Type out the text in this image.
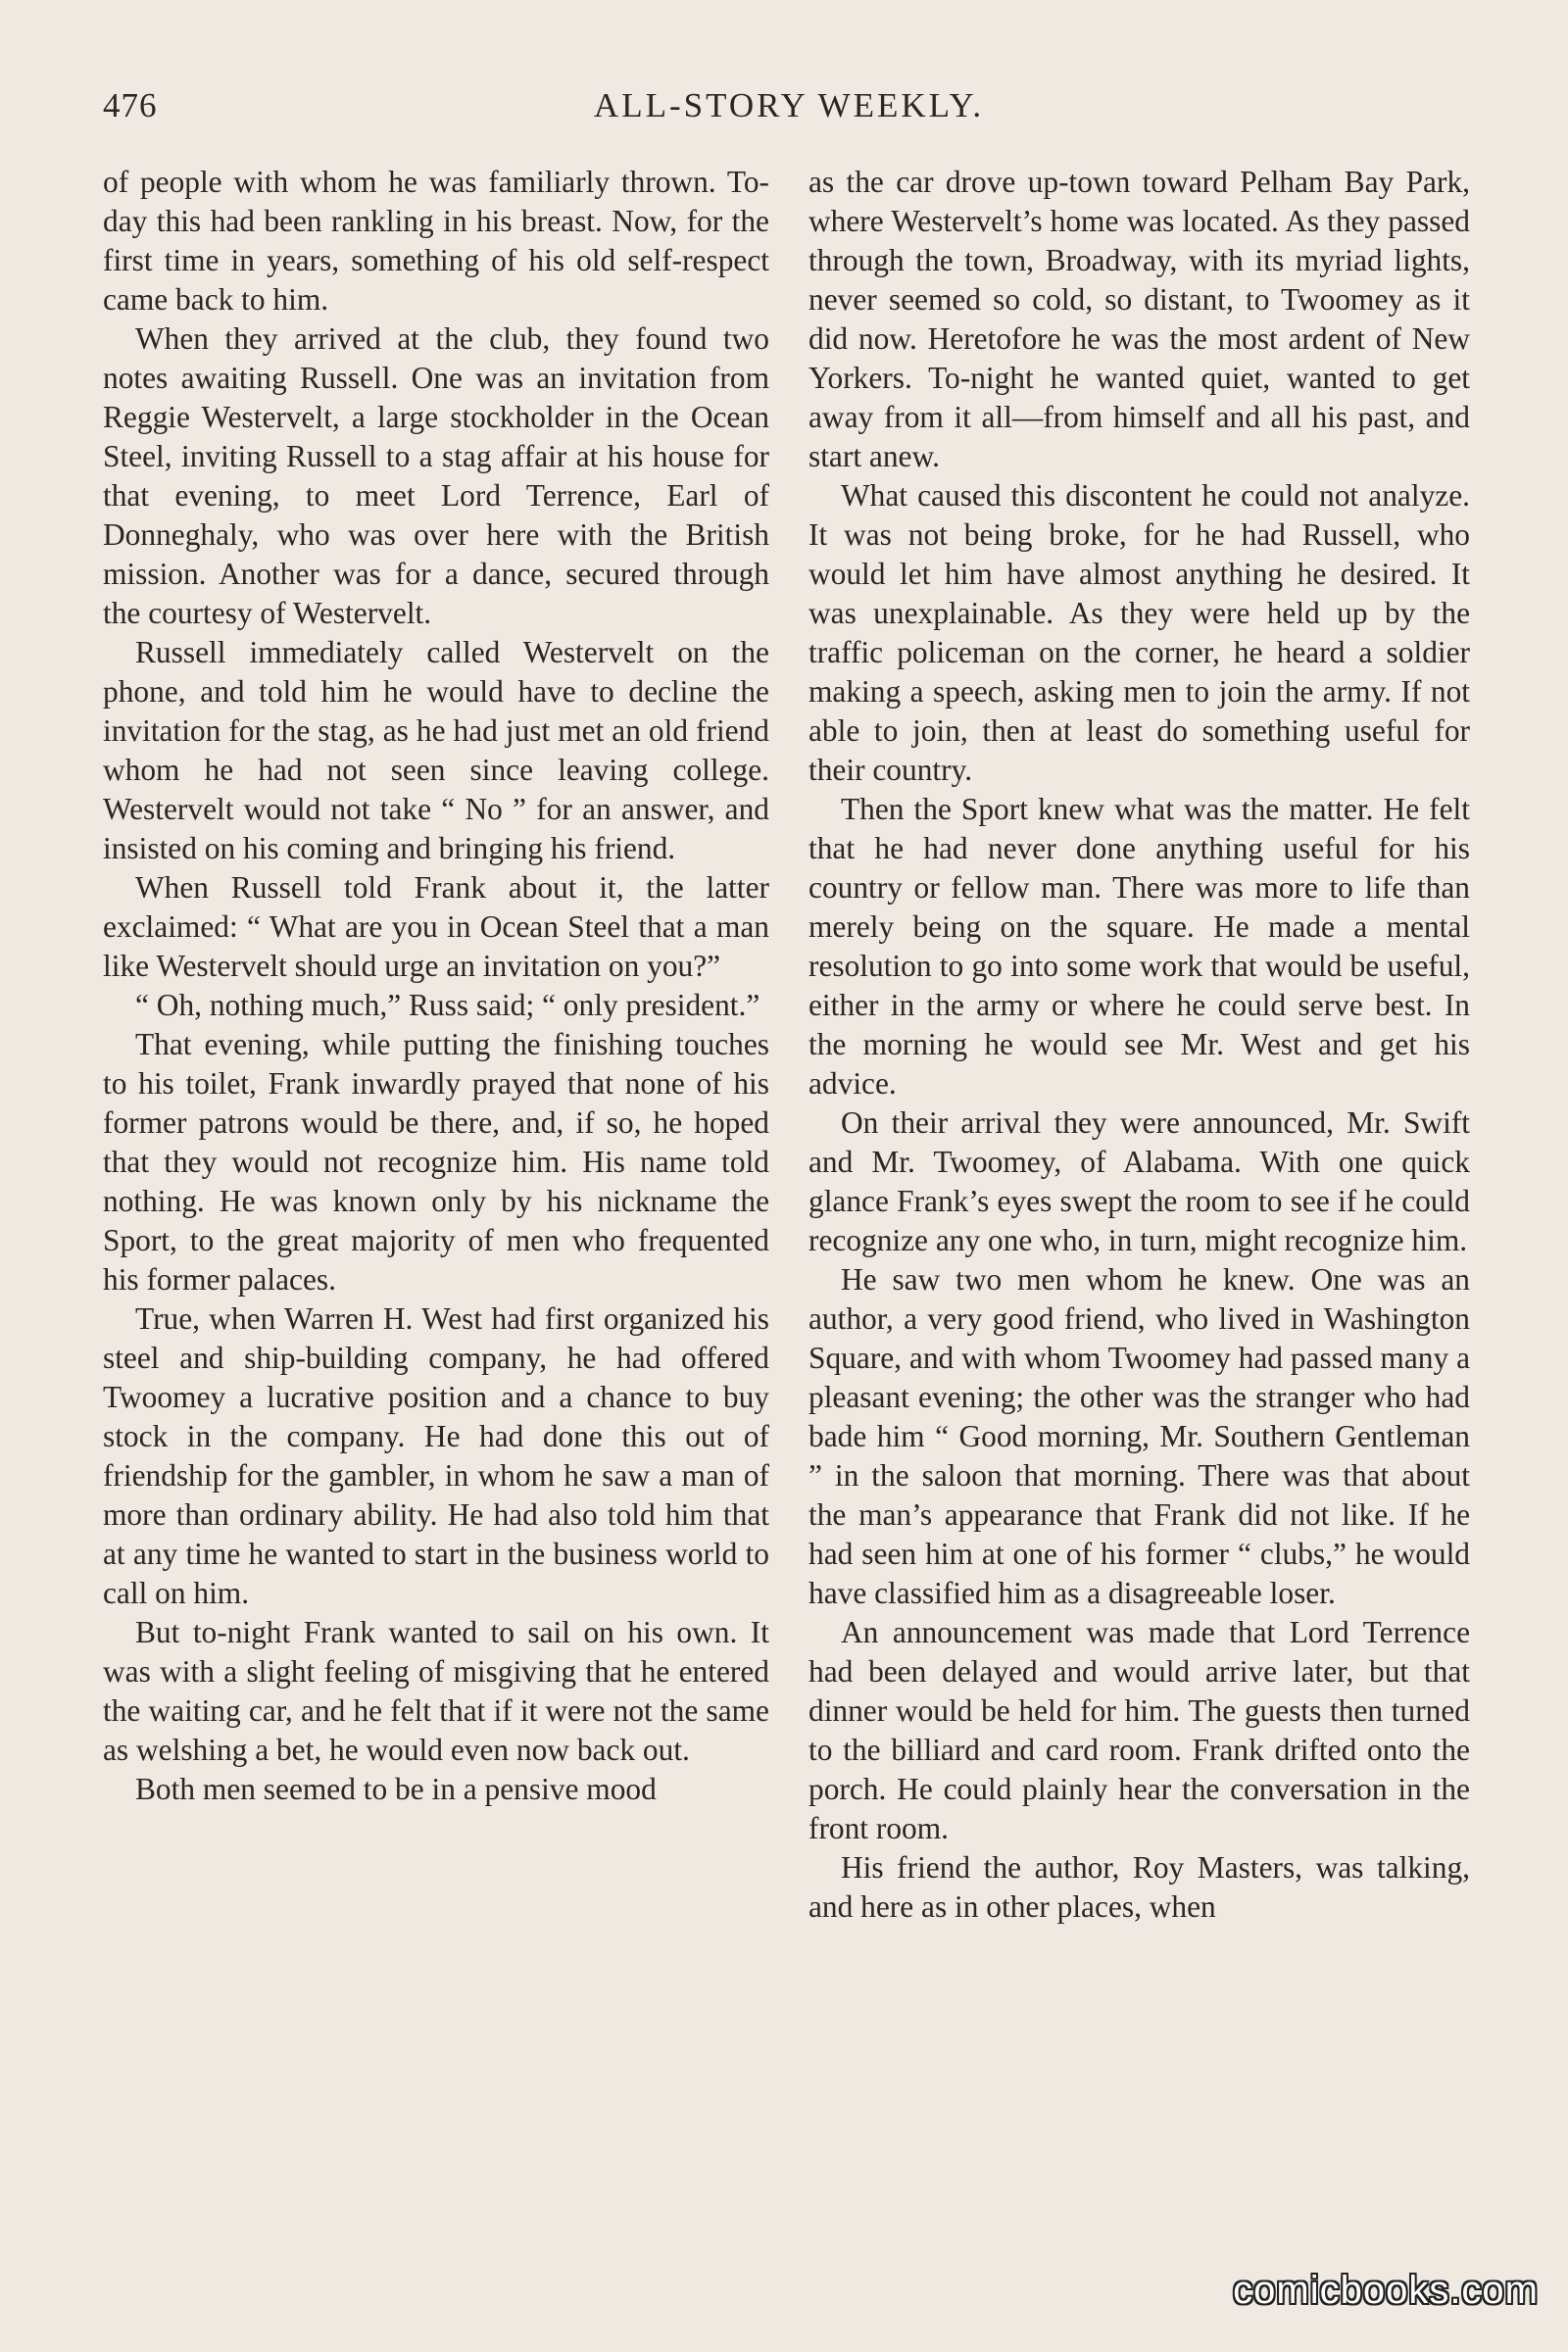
476	ALL-STORY WEEKLY.

of people with whom he was familiarly thrown. To-day this had been rankling in his breast. Now, for the first time in years, something of his old self-respect came back to him.

When they arrived at the club, they found two notes awaiting Russell. One was an invitation from Reggie Westervelt, a large stockholder in the Ocean Steel, inviting Russell to a stag affair at his house for that evening, to meet Lord Terrence, Earl of Donneghaly, who was over here with the British mission. Another was for a dance, secured through the courtesy of Westervelt.

Russell immediately called Westervelt on the phone, and told him he would have to decline the invitation for the stag, as he had just met an old friend whom he had not seen since leaving college. Westervelt would not take “ No ” for an answer, and insisted on his coming and bringing his friend.

When Russell told Frank about it, the latter exclaimed: “ What are you in Ocean Steel that a man like Westervelt should urge an invitation on you?”

“ Oh, nothing much,” Russ said; “ only president.”

That evening, while putting the finishing touches to his toilet, Frank inwardly prayed that none of his former patrons would be there, and, if so, he hoped that they would not recognize him. His name told nothing. He was known only by his nickname the Sport, to the great majority of men who frequented his former palaces.

True, when Warren H. West had first organized his steel and ship-building company, he had offered Twoomey a lucrative position and a chance to buy stock in the company. He had done this out of friendship for the gambler, in whom he saw a man of more than ordinary ability. He had also told him that at any time he wanted to start in the business world to call on him.

But to-night Frank wanted to sail on his own. It was with a slight feeling of misgiving that he entered the waiting car, and he felt that if it were not the same as welshing a bet, he would even now back out.

Both men seemed to be in a pensive mood

as the car drove up-town toward Pelham Bay Park, where Westervelt’s home was located. As they passed through the town, Broadway, with its myriad lights, never seemed so cold, so distant, to Twoomey as it did now. Heretofore he was the most ardent of New Yorkers. To-night he wanted quiet, wanted to get away from it all—from himself and all his past, and start anew.

What caused this discontent he could not analyze. It was not being broke, for he had Russell, who would let him have almost anything he desired. It was unexplainable. As they were held up by the traffic policeman on the corner, he heard a soldier making a speech, asking men to join the army. If not able to join, then at least do something useful for their country.

Then the Sport knew what was the matter. He felt that he had never done anything useful for his country or fellow man. There was more to life than merely being on the square. He made a mental resolution to go into some work that would be useful, either in the army or where he could serve best. In the morning he would see Mr. West and get his advice.

On their arrival they were announced, Mr. Swift and Mr. Twoomey, of Alabama. With one quick glance Frank’s eyes swept the room to see if he could recognize any one who, in turn, might recognize him.

He saw two men whom he knew. One was an author, a very good friend, who lived in Washington Square, and with whom Twoomey had passed many a pleasant evening; the other was the stranger who had bade him “ Good morning, Mr. Southern Gentleman ” in the saloon that morning. There was that about the man’s appearance that Frank did not like. If he had seen him at one of his former “ clubs,” he would have classified him as a disagreeable loser.

An announcement was made that Lord Terrence had been delayed and would arrive later, but that dinner would be held for him. The guests then turned to the billiard and card room. Frank drifted onto the porch. He could plainly hear the conversation in the front room.

His friend the author, Roy Masters, was talking, and here as in other places, when

comicbooks.com
